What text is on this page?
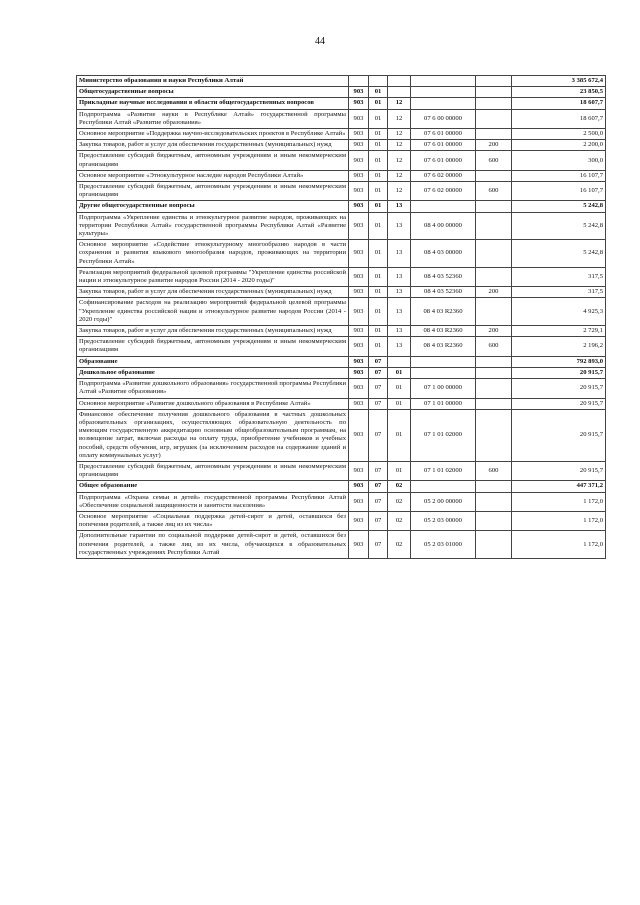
44
Министерство образования и науки Республики Алтай						3 385 672,4
Общегосударственные вопросы	903	01				23 850,5
Прикладные научные исследования в области общегосударственных вопросов	903	01	12			18 607,7
Подпрограмма «Развитие науки в Республике Алтай» государственной программы Республики Алтай «Развитие образования»	903	01	12	07 6 00 00000		18 607,7
Основное мероприятие «Поддержка научно-исследовательских проектов в Республике Алтай»	903	01	12	07 6 01 00000		2 500,0
Закупка товаров, работ и услуг для обеспечения государственных (муниципальных) нужд	903	01	12	07 6 01 00000	200	2 200,0
Предоставление субсидий бюджетным, автономным учреждениям и иным некоммерческим организациям	903	01	12	07 6 01 00000	600	300,0
Основное мероприятие «Этнокультурное наследие народов Республики Алтай»	903	01	12	07 6 02 00000		16 107,7
Предоставление субсидий бюджетным, автономным учреждениям и иным некоммерческим организациям	903	01	12	07 6 02 00000	600	16 107,7
Другие общегосударственные вопросы	903	01	13			5 242,8
Подпрограмма «Укрепление единства и этнокультурное развитие народов, проживающих на территории Республики Алтай» государственной программы Республики Алтай «Развитие культуры»	903	01	13	08 4 00 00000		5 242,8
Основное мероприятие «Содействие этнокультурному многообразию народов в части сохранения и развития языкового многообразия народов, проживающих на территории Республики Алтай»	903	01	13	08 4 03 00000		5 242,8
Реализация мероприятий федеральной целевой программы "Укрепление единства российской нации и этнокультурное развитие народов России (2014 - 2020 годы)"	903	01	13	08 4 03 52360		317,5
Закупка товаров, работ и услуг для обеспечения государственных (муниципальных) нужд	903	01	13	08 4 03 52360	200	317,5
Софинансирование расходов на реализацию мероприятий федеральной целевой программы "Укрепление единства российской нации и этнокультурное развитие народов России (2014 - 2020 годы)"	903	01	13	08 4 03 R2360		4 925,3
Закупка товаров, работ и услуг для обеспечения государственных (муниципальных) нужд	903	01	13	08 4 03 R2360	200	2 729,1
Предоставление субсидий бюджетным, автономным учреждениям и иным некоммерческим организациям	903	01	13	08 4 03 R2360	600	2 196,2
Образование	903	07				792 893,0
Дошкольное образование	903	07	01			20 915,7
Подпрограмма «Развитие дошкольного образования» государственной программы Республики Алтай «Развитие образования»	903	07	01	07 1 00 00000		20 915,7
Основное мероприятие «Развитие дошкольного образования в Республике Алтай»	903	07	01	07 1 01 00000		20 915,7
Финансовое обеспечение получения дошкольного образования в частных дошкольных образовательных организациях, осуществляющих образовательную деятельность по имеющим государственную аккредитацию основным общеобразовательным программам, на возмещение затрат, включая расходы на оплату труда, приобретение учебников и учебных пособий, средств обучения, игр, игрушек (за исключением расходов на содержание зданий и оплату коммунальных услуг)	903	07	01	07 1 01 02000		20 915,7
Предоставление субсидий бюджетным, автономным учреждениям и иным некоммерческим организациям	903	07	01	07 1 01 02000	600	20 915,7
Общее образование	903	07	02			447 371,2
Подпрограмма «Охрана семьи и детей» государственной программы Республики Алтай «Обеспечение социальной защищенности и занятости населения»	903	07	02	05 2 00 00000		1 172,0
Основное мероприятие «Социальная поддержка детей-сирот и детей, оставшихся без попечения родителей, а также лиц из их числа»	903	07	02	05 2 03 00000		1 172,0
Дополнительные гарантии по социальной поддержке детей-сирот и детей, оставшихся без попечения родителей, а также лиц из их числа, обучающихся в образовательных государственных учреждениях Республики Алтай	903	07	02	05 2 03 01000		1 172,0
